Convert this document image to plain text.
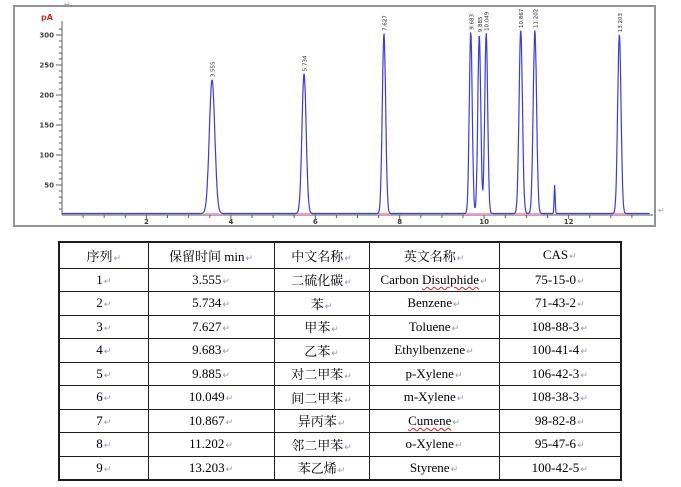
50
100
150
200
250
300
2	4	6	8	10	12
pA
3.555	5.734
7.627	9.683 9.885 10.049	10.867 11.202	13.203
↵
↵
序列↵	保留时间 min↵	中文名称↵	英文名称↵	CAS↵
1↵	3.555↵	二硫化碳↵	Carbon Disulphide↵	75-15-0↵
2↵	5.734↵	苯↵	Benzene↵	71-43-2↵
3↵	7.627↵	甲苯↵	Toluene↵	108-88-3↵
4↵	9.683↵	乙苯↵	Ethylbenzene↵	100-41-4↵
5↵	9.885↵	对二甲苯↵	p-Xylene↵	106-42-3↵
6↵	10.049↵	间二甲苯↵	m-Xylene↵	108-38-3↵
7↵	10.867↵	异丙苯↵	Cumene↵	98-82-8↵
8↵	11.202↵	邻二甲苯↵	o-Xylene↵	95-47-6↵
9↵	13.203↵	苯乙烯↵	Styrene↵	100-42-5↵
